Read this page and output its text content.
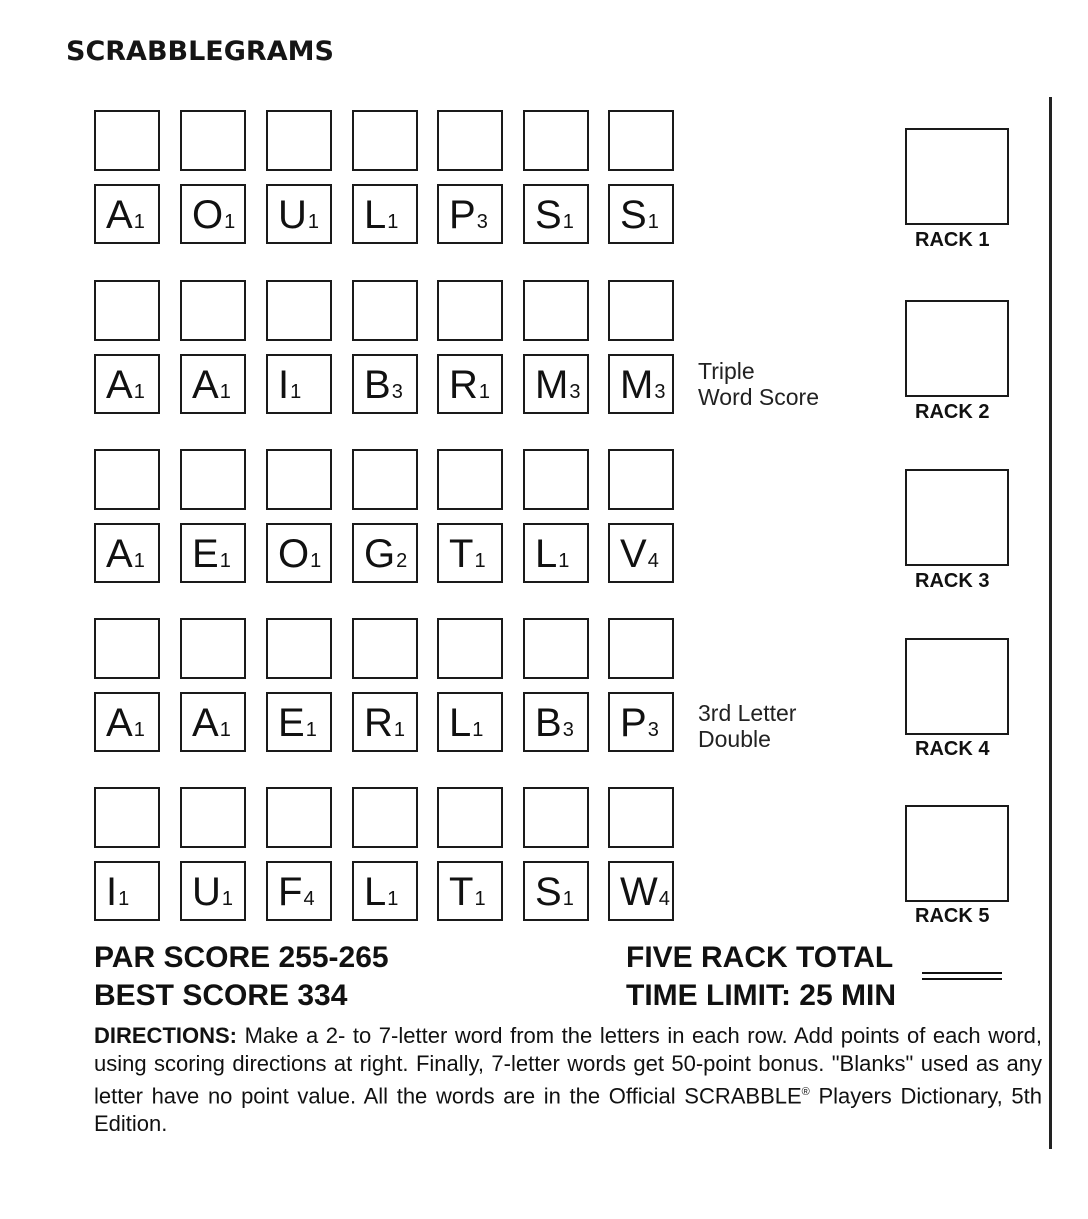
SCRABBLEGRAMS
A1 O1 U1 L1 P3 S1 S1
RACK 1
A1 A1 I1 B3 R1 M3 M3
Triple
Word Score
RACK 2
A1 E1 O1 G2 T1 L1 V4
RACK 3
A1 A1 E1 R1 L1 B3 P3
3rd Letter
Double	RACK 4
I1 U1 F4 L1 T1 S1 W4
RACK 5
PAR SCORE 255-265
BEST SCORE 334
FIVE RACK TOTAL
TIME LIMIT: 25 MIN
DIRECTIONS: Make a 2- to 7-letter word from the letters in each row. Add points of each word, using scoring directions at right. Finally, 7-letter words get 50-point bonus. "Blanks" used as any letter have no point value. All the words are in the Official SCRABBLE® Players Dictionary, 5th Edition.
